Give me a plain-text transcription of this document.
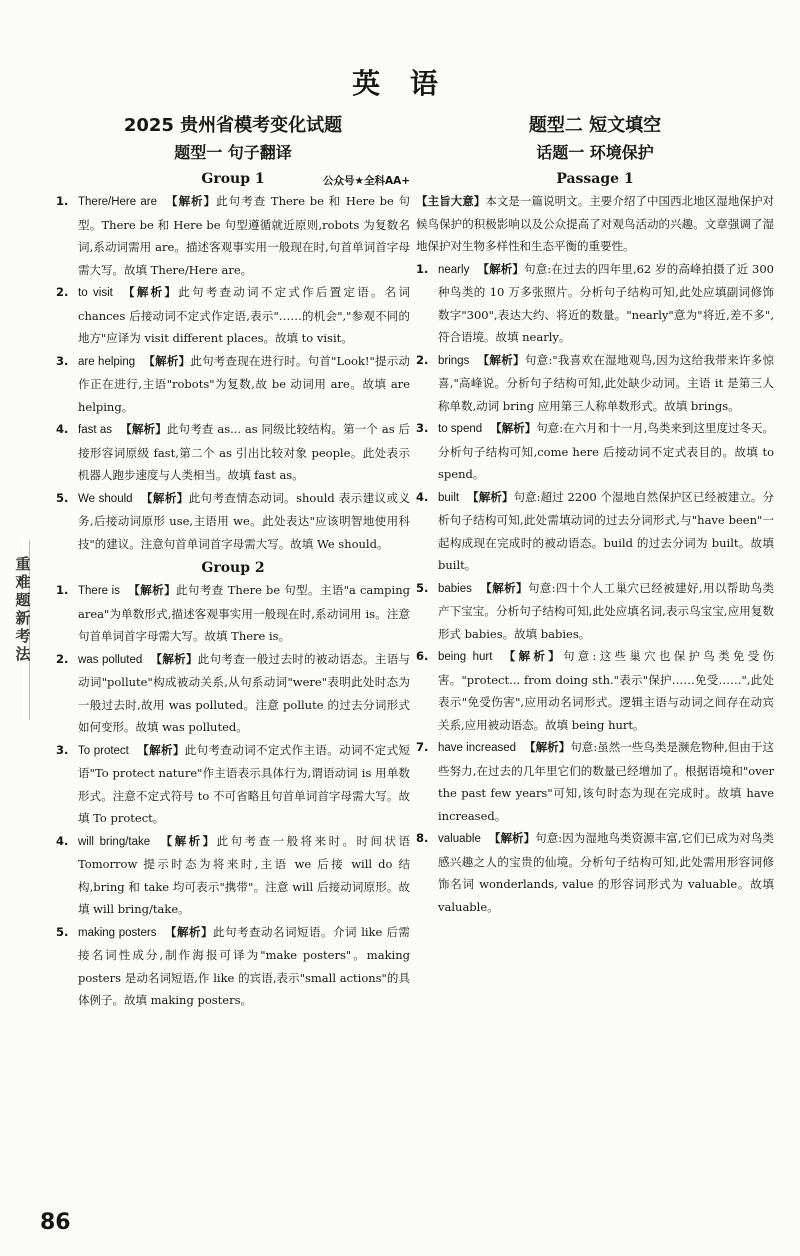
英 语
重难题新考法
2025 贵州省模考变化试题
题型一 句子翻译
Group 1	公众号★全科AA+
1. There/Here are 【解析】此句考查 There be 和 Here be 句型。There be 和 Here be 句型遵循就近原则,robots 为复数名词,系动词需用 are。描述客观事实用一般现在时,句首单词首字母需大写。故填 There/Here are。
2. to visit 【解析】此句考查动词不定式作后置定语。名词 chances 后接动词不定式作定语,表示"……的机会","参观不同的地方"应译为 visit different places。故填 to visit。
3. are helping 【解析】此句考查现在进行时。句首"Look!"提示动作正在进行,主语"robots"为复数,故 be 动词用 are。故填 are helping。
4. fast as 【解析】此句考查 as... as 同级比较结构。第一个 as 后接形容词原级 fast,第二个 as 引出比较对象 people。此处表示机器人跑步速度与人类相当。故填 fast as。
5. We should 【解析】此句考查情态动词。should 表示建议或义务,后接动词原形 use,主语用 we。此处表达"应该明智地使用科技"的建议。注意句首单词首字母需大写。故填 We should。
Group 2
1. There is 【解析】此句考查 There be 句型。主语"a camping area"为单数形式,描述客观事实用一般现在时,系动词用 is。注意句首单词首字母需大写。故填 There is。
2. was polluted 【解析】此句考查一般过去时的被动语态。主语与动词"pollute"构成被动关系,从句系动词"were"表明此处时态为一般过去时,故用 was polluted。注意 pollute 的过去分词形式如何变形。故填 was polluted。
3. To protect 【解析】此句考查动词不定式作主语。动词不定式短语"To protect nature"作主语表示具体行为,谓语动词 is 用单数形式。注意不定式符号 to 不可省略且句首单词首字母需大写。故填 To protect。
4. will bring/take 【解析】此句考查一般将来时。时间状语 Tomorrow 提示时态为将来时,主语 we 后接 will do 结构,bring 和 take 均可表示"携带"。注意 will 后接动词原形。故填 will bring/take。
5. making posters 【解析】此句考查动名词短语。介词 like 后需接名词性成分,制作海报可译为"make posters"。making posters 是动名词短语,作 like 的宾语,表示"small actions"的具体例子。故填 making posters。
题型二 短文填空
话题一 环境保护
Passage 1
【主旨大意】本文是一篇说明文。主要介绍了中国西北地区湿地保护对候鸟保护的积极影响以及公众提高了对观鸟活动的兴趣。文章强调了湿地保护对生物多样性和生态平衡的重要性。
1. nearly 【解析】句意:在过去的四年里,62 岁的高峰拍摄了近 300 种鸟类的 10 万多张照片。分析句子结构可知,此处应填副词修饰数字"300",表达大约、将近的数量。"nearly"意为"将近,差不多",符合语境。故填 nearly。
2. brings 【解析】句意:"我喜欢在湿地观鸟,因为这给我带来许多惊喜,"高峰说。分析句子结构可知,此处缺少动词。主语 it 是第三人称单数,动词 bring 应用第三人称单数形式。故填 brings。
3. to spend 【解析】句意:在六月和十一月,鸟类来到这里度过冬天。分析句子结构可知,come here 后接动词不定式表目的。故填 to spend。
4. built 【解析】句意:超过 2200 个湿地自然保护区已经被建立。分析句子结构可知,此处需填动词的过去分词形式,与"have been"一起构成现在完成时的被动语态。build 的过去分词为 built。故填 built。
5. babies 【解析】句意:四十个人工巢穴已经被建好,用以帮助鸟类产下宝宝。分析句子结构可知,此处应填名词,表示鸟宝宝,应用复数形式 babies。故填 babies。
6. being hurt 【解析】句意:这些巢穴也保护鸟类免受伤害。"protect... from doing sth."表示"保护……免受……",此处表示"免受伤害",应用动名词形式。逻辑主语与动词之间存在动宾关系,应用被动语态。故填 being hurt。
7. have increased 【解析】句意:虽然一些鸟类是濒危物种,但由于这些努力,在过去的几年里它们的数量已经增加了。根据语境和"over the past few years"可知,该句时态为现在完成时。故填 have increased。
8. valuable 【解析】句意:因为湿地鸟类资源丰富,它们已成为对鸟类感兴趣之人的宝贵的仙境。分析句子结构可知,此处需用形容词修饰名词 wonderlands, value 的形容词形式为 valuable。故填 valuable。
86
